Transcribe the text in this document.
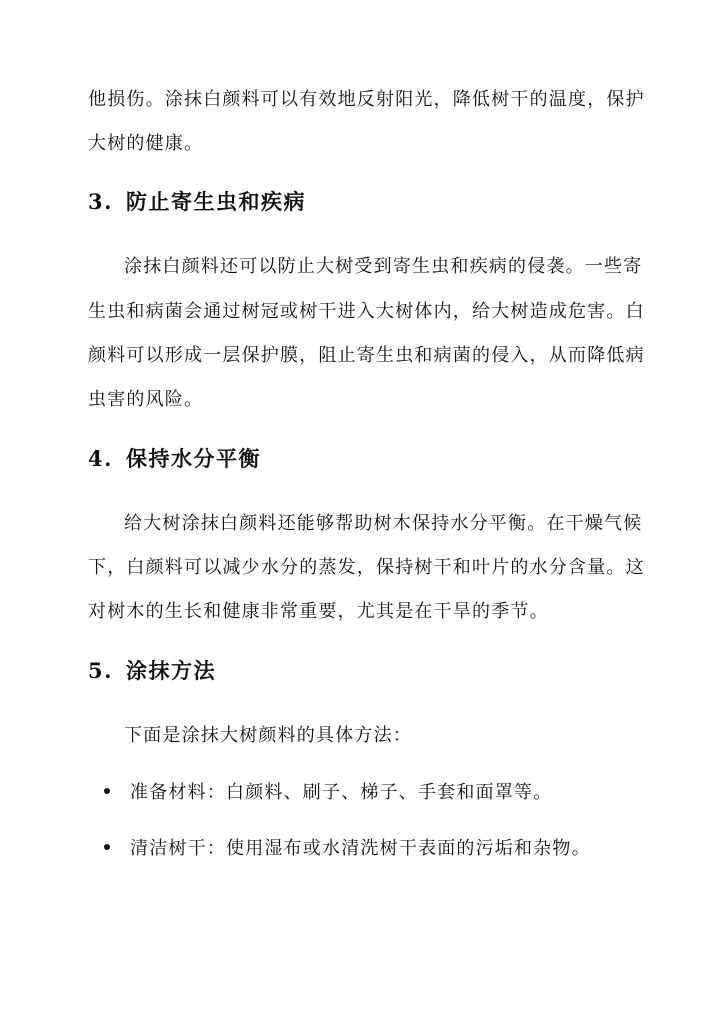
他损伤。涂抹白颜料可以有效地反射阳光，降低树干的温度，保护
大树的健康。
3. 防止寄生虫和疾病
涂抹白颜料还可以防止大树受到寄生虫和疾病的侵袭。一些寄
生虫和病菌会通过树冠或树干进入大树体内，给大树造成危害。白
颜料可以形成一层保护膜，阻止寄生虫和病菌的侵入，从而降低病
虫害的风险。
4. 保持水分平衡
给大树涂抹白颜料还能够帮助树木保持水分平衡。在干燥气候
下，白颜料可以减少水分的蒸发，保持树干和叶片的水分含量。这
对树木的生长和健康非常重要，尤其是在干旱的季节。
5. 涂抹方法
下面是涂抹大树颜料的具体方法：
准备材料：白颜料、刷子、梯子、手套和面罩等。
清洁树干：使用湿布或水清洗树干表面的污垢和杂物。
